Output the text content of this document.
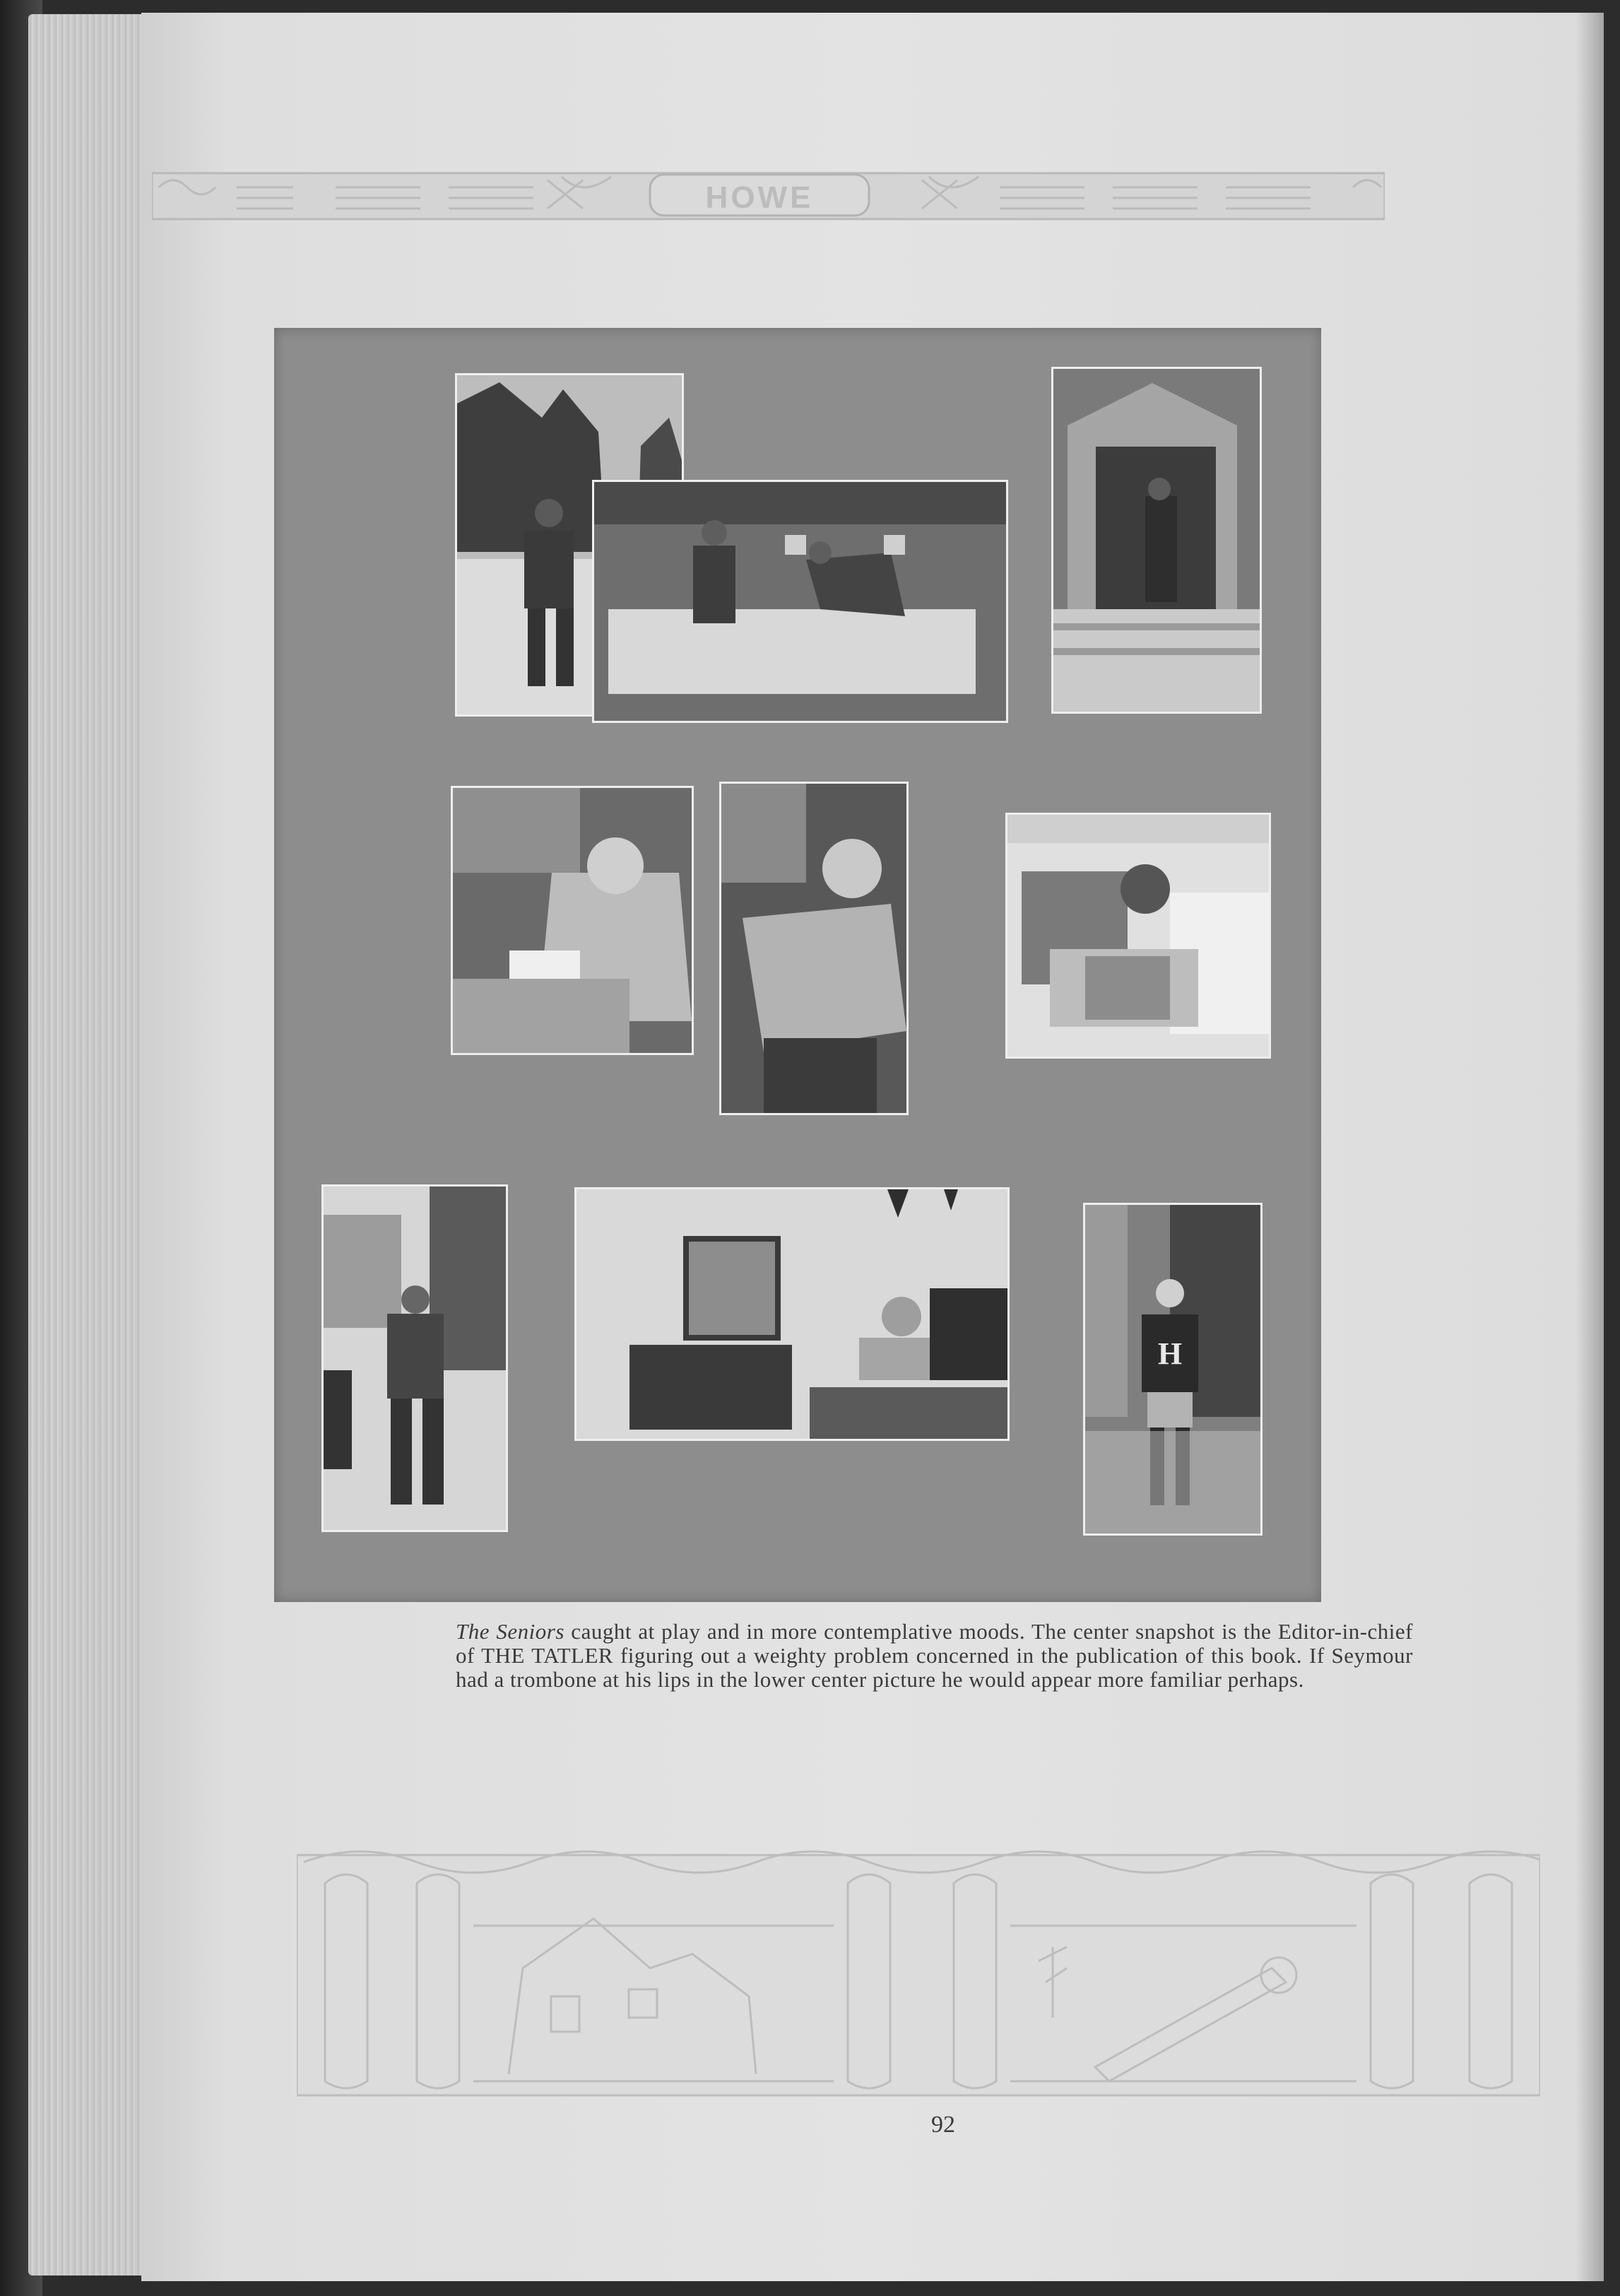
HOWE
H
The Seniors caught at play and in more contemplative moods. The center snapshot is the Editor-in-chief of THE TATLER figuring out a weighty problem concerned in the publication of this book. If Seymour had a trombone at his lips in the lower center picture he would appear more familiar perhaps.
92
